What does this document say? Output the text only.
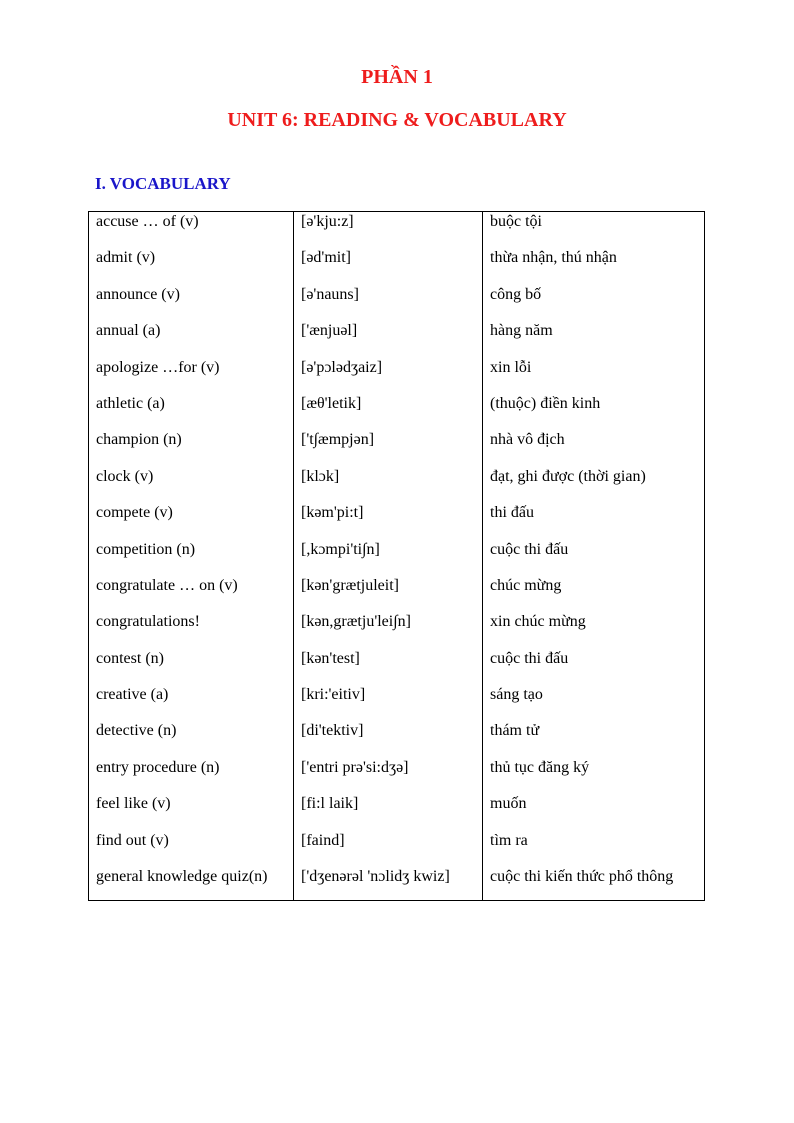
PHẦN 1
UNIT 6: READING & VOCABULARY
I. VOCABULARY
accuse … of (v)
admit (v)
announce (v)
annual (a)
apologize …for (v)
athletic (a)
champion (n)
clock (v)
compete (v)
competition (n)
congratulate … on (v)
congratulations!
contest (n)
creative (a)
detective (n)
entry procedure (n)
feel like (v)
find out (v)
general knowledge quiz(n)
[ə'kju:z]
[əd'mit]
[ə'nauns]
['ænjuəl]
[ə'pɔlədʒaiz]
[æθ'letik]
['t∫æmpjən]
[klɔk]
[kəm'pi:t]
[,kɔmpi'ti∫n]
[kən'grætjuleit]
[kən,grætju'lei∫n]
[kən'test]
[kri:'eitiv]
[di'tektiv]
['entri prə'si:dʒə]
[fi:l laik]
[faind]
['dʒenərəl 'nɔlidʒ kwiz]
buộc tội
thừa nhận, thú nhận
công bố
hàng năm
xin lỗi
(thuộc) điền kinh
nhà vô địch
đạt, ghi được (thời gian)
thi đấu
cuộc thi đấu
chúc mừng
xin chúc mừng
cuộc thi đấu
sáng tạo
thám tử
thủ tục đăng ký
muốn
tìm ra
cuộc thi kiến thức phổ thông
